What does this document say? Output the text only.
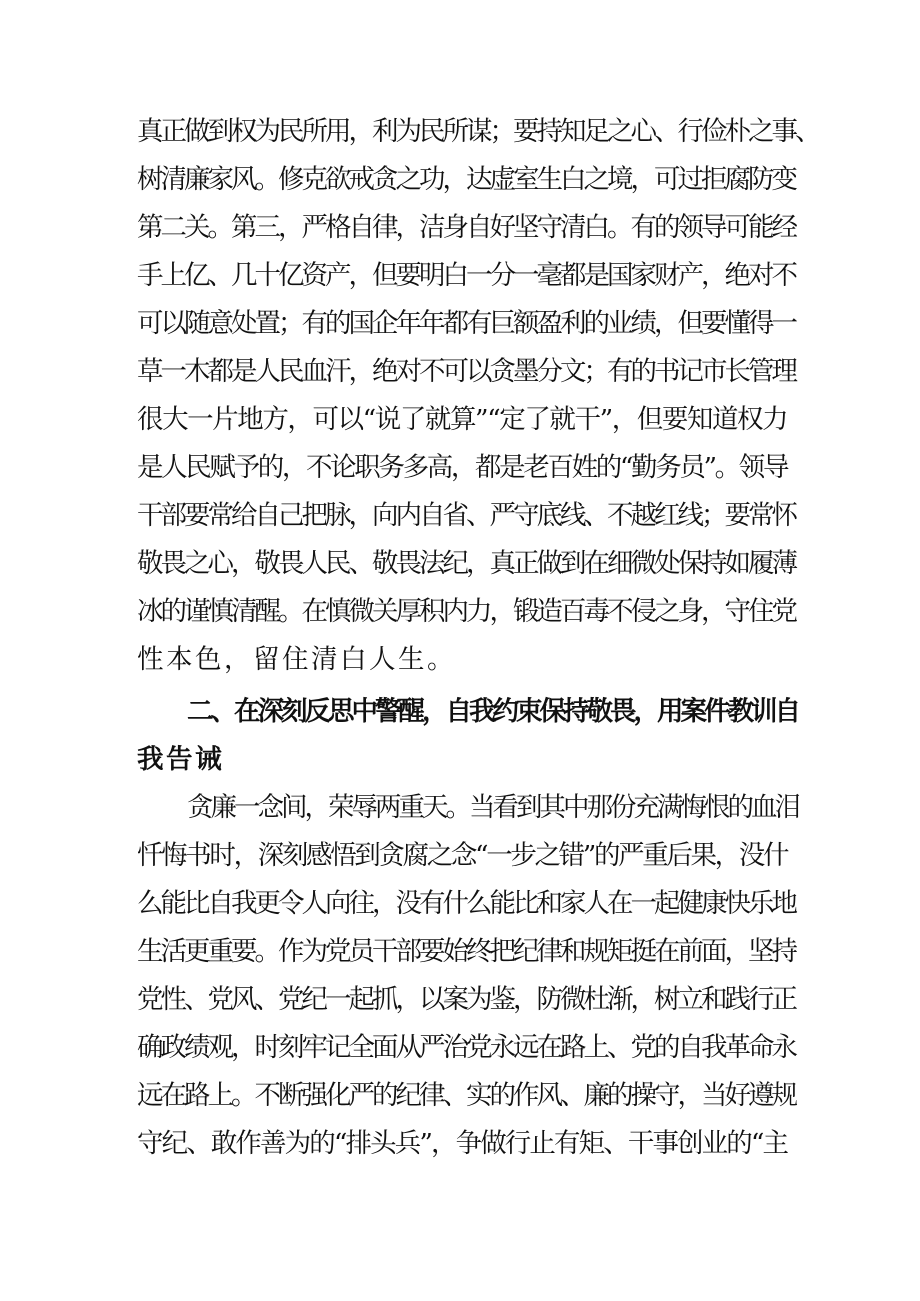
真正做到权为民所用，利为民所谋；要持知足之心、行俭朴之事、
树清廉家风。修克欲戒贪之功，达虚室生白之境，可过拒腐防变
第二关。第三，严格自律，洁身自好坚守清白。有的领导可能经
手上亿、几十亿资产，但要明白一分一毫都是国家财产，绝对不
可以随意处置；有的国企年年都有巨额盈利的业绩，但要懂得一
草一木都是人民血汗，绝对不可以贪墨分文；有的书记市长管理
很大一片地方，可以“说了就算”“定了就干”，但要知道权力
是人民赋予的，不论职务多高，都是老百姓的“勤务员”。领导
干部要常给自己把脉，向内自省、严守底线、不越红线；要常怀
敬畏之心，敬畏人民、敬畏法纪，真正做到在细微处保持如履薄
冰的谨慎清醒。在慎微关厚积内力，锻造百毒不侵之身，守住党
性本色，留住清白人生。
二、在深刻反思中警醒，自我约束保持敬畏，用案件教训自
我告诫
贪廉一念间，荣辱两重天。当看到其中那份充满悔恨的血泪
忏悔书时，深刻感悟到贪腐之念“一步之错”的严重后果，没什
么能比自我更令人向往，没有什么能比和家人在一起健康快乐地
生活更重要。作为党员干部要始终把纪律和规矩挺在前面，坚持
党性、党风、党纪一起抓，以案为鉴，防微杜渐，树立和践行正
确政绩观，时刻牢记全面从严治党永远在路上、党的自我革命永
远在路上。不断强化严的纪律、实的作风、廉的操守，当好遵规
守纪、敢作善为的“排头兵”，争做行止有矩、干事创业的“主
